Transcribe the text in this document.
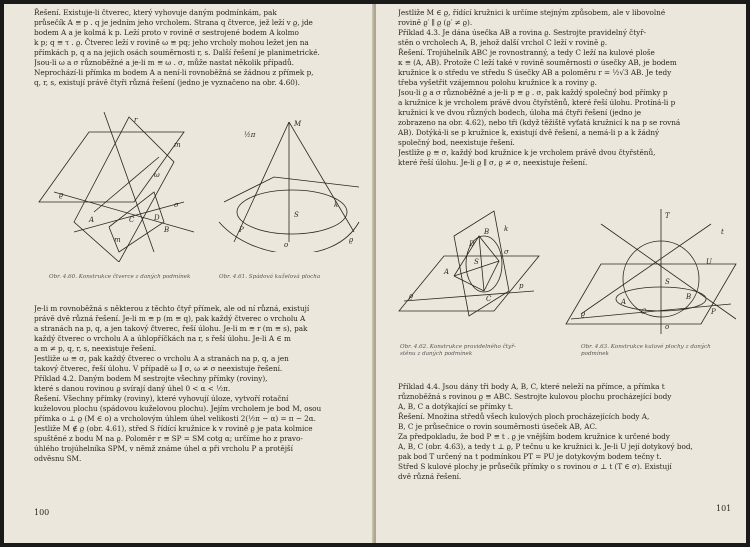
Řešení. Existuje-li čtverec, který vyhovuje daným podmínkám, pak
průsečík A ≡ p . q je jedním jeho vrcholem. Strana q čtverce, jež leží v ϱ, jde
bodem A a je kolmá k p. Leží proto v rovině σ sestrojené bodem A kolmo
k p; q ≡ τ . ϱ. Čtverec leží v rovině ω ≡ pq; jeho vrcholy mohou ležet jen na
přímkách p, q a na jejich osách souměrnosti r, s. Další řešení je planimetrické.
Jsou-li ω a σ různoběžné a je-li m ≡ ω . σ, může nastat několik případů.
Neprochází-li přímka m bodem A a není-li rovnoběžná se žádnou z přímek p,
q, r, s, existují právě čtyři různá řešení (jedno je vyznačeno na obr. 4.60).
r
m
ω
ϱ
A	C	D
B
m
σ
Obr. 4.60. Konstrukce čtverce z daných podmínek
M
½π
o
P
S
k
ϱ
Obr. 4.61. Spádová kuželová plocha
Je-li m rovnoběžná s některou z těchto čtyř přímek, ale od ní různá, existují
právě dvě různá řešení. Je-li m ≡ p (m ≡ q), pak každý čtverec o vrcholu A
a stranách na p, q, a jen takový čtverec, řeší úlohu. Je-li m ≡ r (m ≡ s), pak
každý čtverec o vrcholu A a úhlopříčkách na r, s řeší úlohu. Je-li A ∈ m
a m ≠ p, q, r, s, neexistuje řešení.
Jestliže ω ≡ σ, pak každý čtverec o vrcholu A a stranách na p, q, a jen
takový čtverec, řeší úlohu. V případě ω ∥ σ, ω ≠ σ neexistuje řešení.
Příklad 4.2. Daným bodem M sestrojte všechny přímky (roviny),
které s danou rovinou ϱ svírají daný úhel 0 < α < ½π.
Řešení. Všechny přímky (roviny), které vyhovují úloze, vytvoří rotační
kuželovou plochu (spádovou kuželovou plochu). Jejím vrcholem je bod M, osou
přímka o ⊥ ϱ (M ∈ o) a vrcholovým úhlem úhel velikosti 2(½π − α) = π − 2α.
Jestliže M ∉ ϱ (obr. 4.61), střed S řídící kružnice k v rovině ϱ je pata kolmice
spuštěné z bodu M na ϱ. Poloměr r ≡ SP = SM cotg α; určíme ho z pravo-
úhlého trojúhelníka SPM, v němž známe úhel α při vrcholu P a protější
odvěsnu SM.
100
Jestliže M ∈ ϱ, řídící kružnici k určíme stejným způsobem, ale v libovolné
rovině ϱ′ ∥ ϱ (ϱ′ ≠ ϱ).
Příklad 4.3. Je dána úsečka AB a rovina ϱ. Sestrojte pravidelný čtyř-
stěn o vrcholech A, B, jehož další vrchol C leží v rovině ϱ.
Řešení. Trojúhelník ABC je rovnostranný, a tedy C leží na kulové ploše
κ ≡ (A, AB). Protože C leží také v rovině souměrnosti σ úsečky AB, je bodem
kružnice k o středu ve středu S úsečky AB a poloměru r = ½√3 AB. Je tedy
třeba vyšetřit vzájemnou polohu kružnice k a roviny ϱ.
Jsou-li ϱ a σ různoběžné a je-li p ≡ ϱ . σ, pak každý společný bod přímky p
a kružnice k je vrcholem právě dvou čtyřstěnů, které řeší úlohu. Protíná-li p
kružnici k ve dvou různých bodech, úloha má čtyři řešení (jedno je
zobrazeno na obr. 4.62), nebo tři (když těžiště vyťatá kružnicí k na p se rovná
AB). Dotýká-li se p kružnice k, existují dvě řešení, a nemá-li p a k žádný
společný bod, neexistuje řešení.
Jestliže ϱ ≡ σ, každý bod kružnice k je vrcholem právě dvou čtyřstěnů,
které řeší úlohu. Je-li ϱ ∥ σ, ϱ ≠ σ, neexistuje řešení.
A
B
S
C
σ
k
ϱ
p
D
Obr. 4.62. Konstrukce pravidelného čtyř- stěnu z daných podmínek
T
S
A
B
C	P
ϱ
t
U
o
Obr. 4.63. Konstrukce kulové plochy z daných podmínek
Příklad 4.4. Jsou dány tři body A, B, C, které neleží na přímce, a přímka t
různoběžná s rovinou ϱ ≡ ABC. Sestrojte kulovou plochu procházející body
A, B, C a dotýkající se přímky t.
Řešení. Množina středů všech kulových ploch procházejících body A,
B, C je průsečnice o rovin souměrnosti úseček AB, AC.
Za předpokladu, že bod P ≡ t . ϱ je vnějším bodem kružnice k určené body
A, B, C (obr. 4.63), a tedy t ⊥ ϱ, P tečnu u ke kružnici k. Je-li U její dotykový bod,
pak bod T určený na t podmínkou PT = PU je dotykovým bodem tečny t.
Střed S kulové plochy je průsečík přímky o s rovinou σ ⊥ t (T ∈ σ). Existují
dvě různá řešení.
101
